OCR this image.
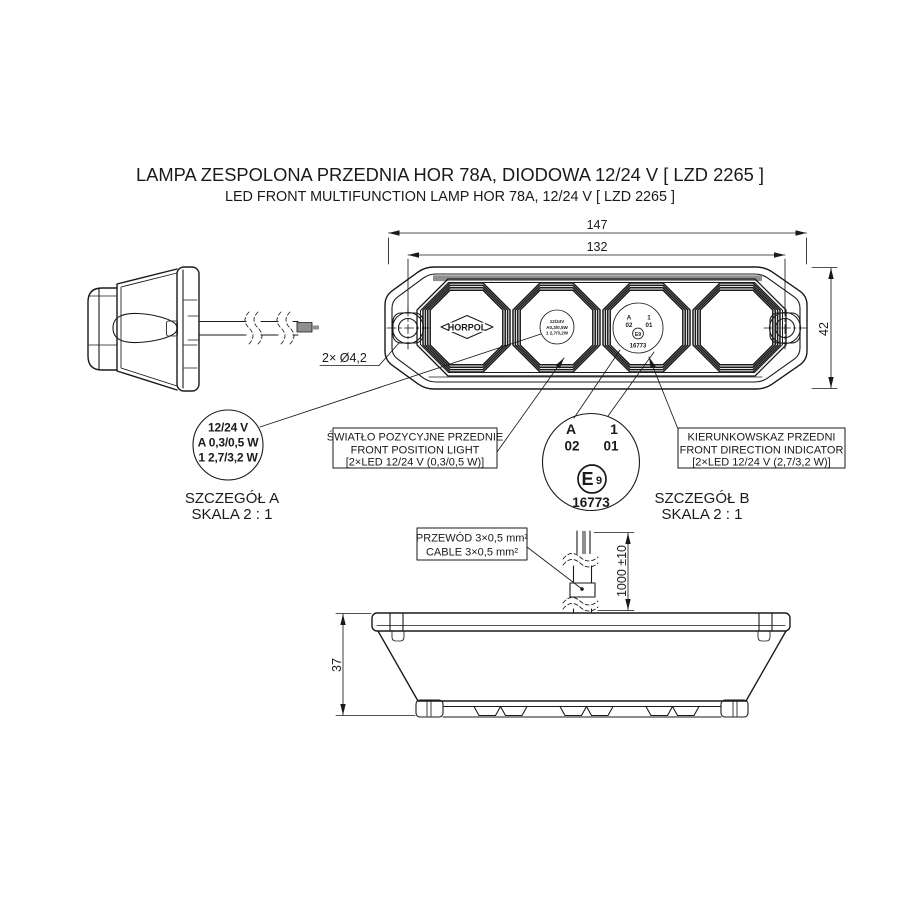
LAMPA ZESPOLONA PRZEDNIA HOR 78A, DIODOWA 12/24 V [ LZD 2265 ]
LED FRONT MULTIFUNCTION LAMP HOR 78A, 12/24 V [ LZD 2265 ]
147
132
42
HORPOL
12/24V
A0,3/0,5W
1 2,7/3,2W
A	1
02 01
E9
16773
2× Ø4,2
12/24 V
A 0,3/0,5 W
1 2,7/3,2 W
SZCZEGÓŁ A
SKALA 2 : 1
A 1
02 01
E 9
16773	SZCZEGÓŁ B
SKALA 2 : 1
ŚWIATŁO POZYCYJNE PRZEDNIE
FRONT POSITION LIGHT
[2×LED 12/24 V (0,3/0,5 W)]
KIERUNKOWSKAZ PRZEDNI
FRONT DIRECTION INDICATOR
[2×LED 12/24 V (2,7/3,2 W)]
PRZEWÓD 3×0,5 mm²
CABLE 3×0,5 mm²	1000 ±10
37
